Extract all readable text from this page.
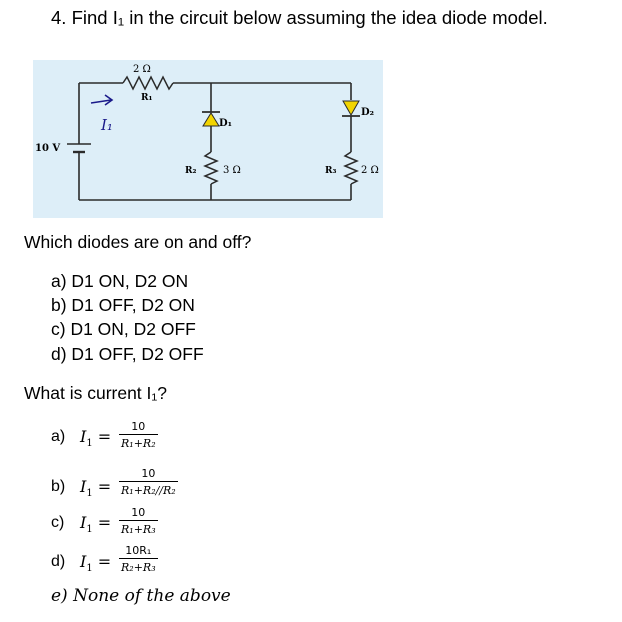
4. Find I₁ in the circuit below assuming the idea diode model.
10 V
2 Ω
R₁
D₁
R₂	3 Ω
D₂
R₃ 2 Ω
I₁
Which diodes are on and off?
a) D1 ON, D2 ON
b) D1 OFF, D2 ON
c) D1 ON, D2 OFF
d) D1 OFF, D2 OFF
What is current I₁?
a) $I_1 = \frac{10}{\text{R₁+R₂}}$
b) $I_1 = \frac{10}{\text{R₁+R₂//R₂}}$
c) $I_1 = \frac{10}{\text{R₁+R₃}}$
d) $I_1 = \frac{\text{10R₁}}{\text{R₂+R₃}}$
e) None of the above
